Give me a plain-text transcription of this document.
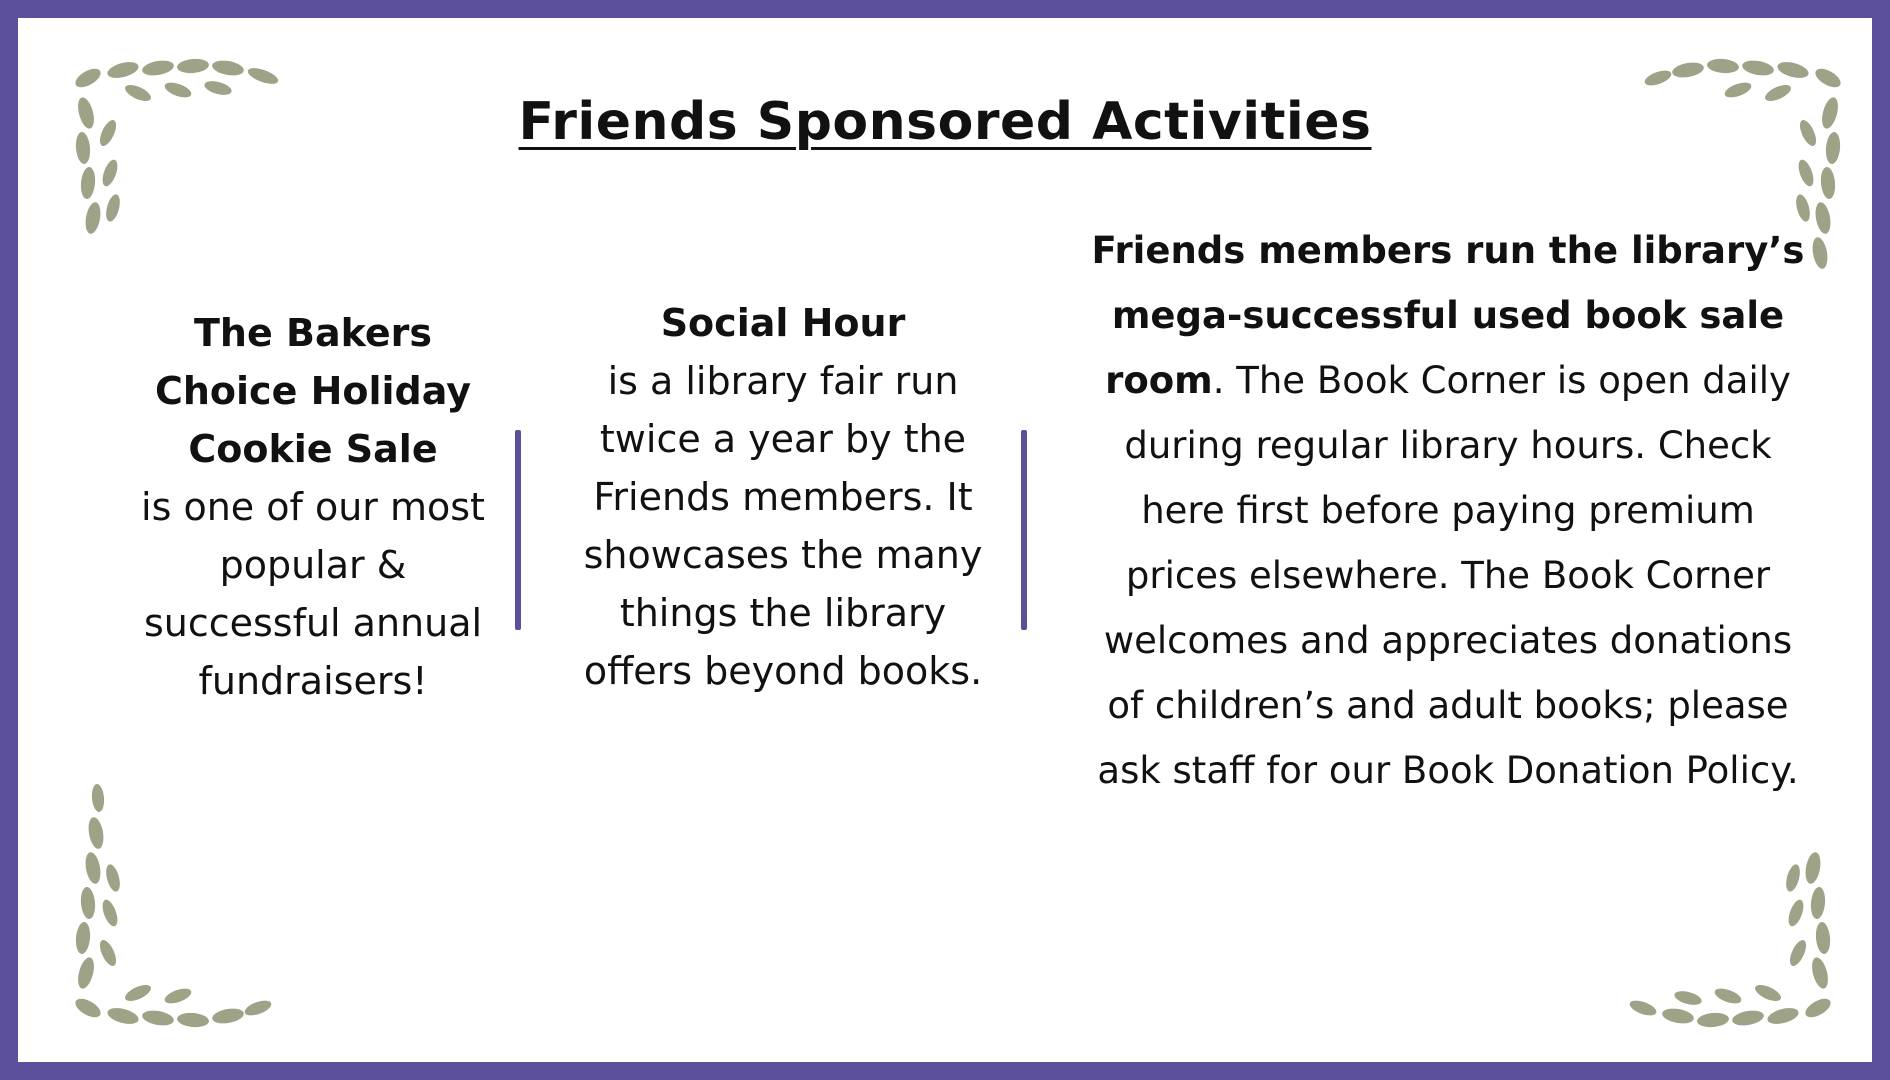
Friends Sponsored Activities
The Bakers Choice Holiday Cookie Sale
is one of our most popular & successful annual fundraisers!
Social Hour
is a library fair run twice a year by the Friends members. It showcases the many things the library offers beyond books.
Friends members run the library’s mega-successful used book sale room. The Book Corner is open daily during regular library hours. Check here first before paying premium prices elsewhere. The Book Corner welcomes and appreciates donations of children’s and adult books; please ask staff for our Book Donation Policy.
